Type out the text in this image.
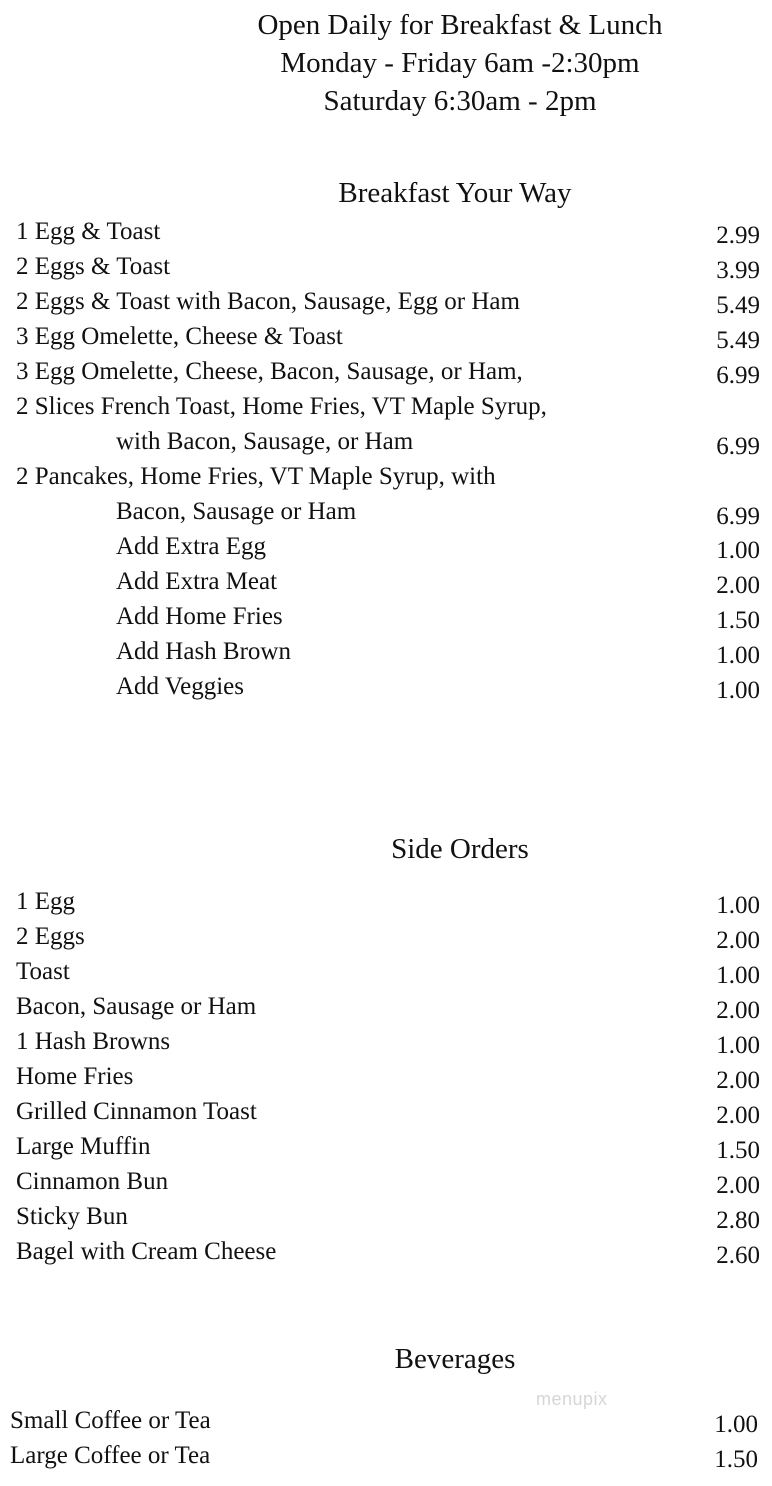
Open Daily for Breakfast & Lunch
Monday - Friday 6am -2:30pm
Saturday 6:30am - 2pm
Breakfast Your Way
1 Egg & Toast	2.99
2 Eggs & Toast	3.99
2 Eggs & Toast with Bacon, Sausage, Egg or Ham	5.49
3 Egg Omelette, Cheese & Toast	5.49
3 Egg Omelette, Cheese, Bacon, Sausage, or Ham,	6.99
2 Slices French Toast, Home Fries, VT Maple Syrup,
with Bacon, Sausage, or Ham	6.99
2 Pancakes, Home Fries, VT Maple Syrup, with
Bacon, Sausage or Ham	6.99
Add Extra Egg	1.00
Add Extra Meat	2.00
Add Home Fries	1.50
Add Hash Brown	1.00
Add Veggies	1.00
Side Orders
1 Egg	1.00
2 Eggs	2.00
Toast	1.00
Bacon, Sausage or Ham	2.00
1 Hash Browns	1.00
Home Fries	2.00
Grilled Cinnamon Toast	2.00
Large Muffin	1.50
Cinnamon Bun	2.00
Sticky Bun	2.80
Bagel with Cream Cheese	2.60
Beverages
Small Coffee or Tea	1.00
Large Coffee or Tea	1.50
menupix
